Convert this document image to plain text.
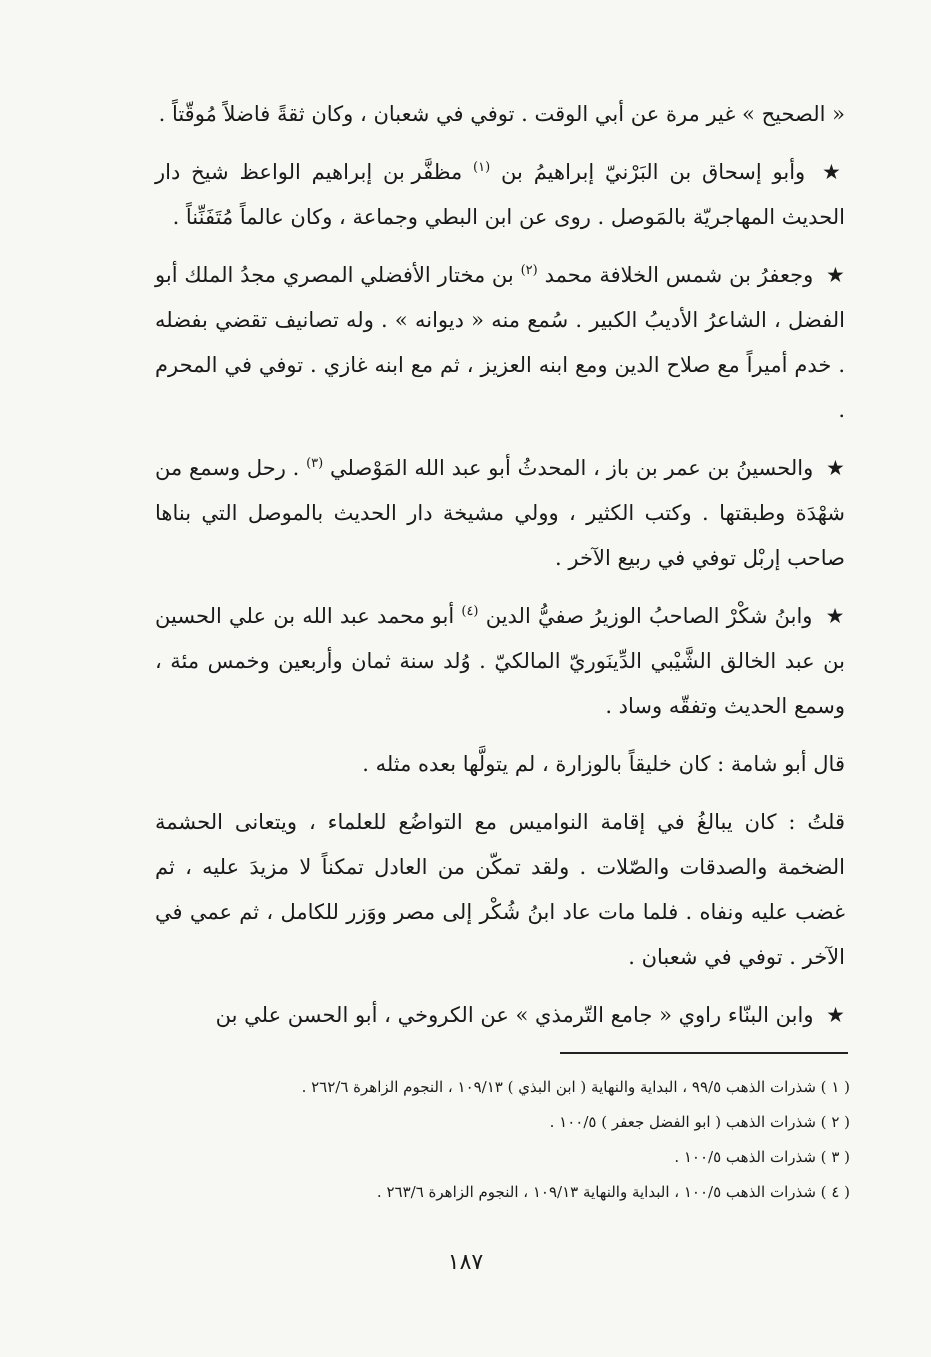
« الصحيح » غير مرة عن أبي الوقت . توفي في شعبان ، وكان ثقةً فاضلاً مُوقّتاً .

★ وأبو إسحاق بن البَرْنيّ إبراهيمُ بن $^{(١)}$ مظفَّر بن إبراهيم الواعظ شيخ دار الحديث المهاجريّة بالمَوصل . روى عن ابن البطي وجماعة ، وكان عالماً مُتَفَنِّناً .

★ وجعفرُ بن شمس الخلافة محمد $^{(٢)}$ بن مختار الأفضلي المصري مجدُ الملك أبو الفضل ، الشاعرُ الأديبُ الكبير . سُمع منه « ديوانه » . وله تصانيف تقضي بفضله . خدم أميراً مع صلاح الدين ومع ابنه العزيز ، ثم مع ابنه غازي . توفي في المحرم .

★ والحسينُ بن عمر بن باز ، المحدثُ أبو عبد الله المَوْصلي $^{(٣)}$ . رحل وسمع من شهْدَة وطبقتها . وكتب الكثير ، وولي مشيخة دار الحديث بالموصل التي بناها صاحب إربْل توفي في ربيع الآخر .

★ وابنُ شكْرْ الصاحبُ الوزيرُ صفيُّ الدين $^{(٤)}$ أبو محمد عبد الله بن علي الحسين بن عبد الخالق الشَّيْبي الدِّينَوريّ المالكيّ . وُلد سنة ثمان وأربعين وخمس مئة ، وسمع الحديث وتفقّه وساد .

قال أبو شامة : كان خليقاً بالوزارة ، لم يتولَّها بعده مثله .

قلتُ : كان يبالغُ في إقامة النواميس مع التواضُع للعلماء ، ويتعانى الحشمة الضخمة والصدقات والصّلات . ولقد تمكّن من العادل تمكناً لا مزيدَ عليه ، ثم غضب عليه ونفاه . فلما مات عاد ابنُ شُكْر إلى مصر ووَزر للكامل ، ثم عمي في الآخر . توفي في شعبان .

★ وابن البنّاء راوي « جامع التّرمذي » عن الكروخي ، أبو الحسن علي بن

( ١ ) شذرات الذهب ٩٩/٥ ، البداية والنهاية ( ابن البذي ) ١٠٩/١٣ ، النجوم الزاهرة ٢٦٢/٦ .
( ٢ ) شذرات الذهب ( ابو الفضل جعفر ) ١٠٠/٥ .
( ٣ ) شذرات الذهب ١٠٠/٥ .
( ٤ ) شذرات الذهب ١٠٠/٥ ، البداية والنهاية ١٠٩/١٣ ، النجوم الزاهرة ٢٦٣/٦ .
١٨٧
